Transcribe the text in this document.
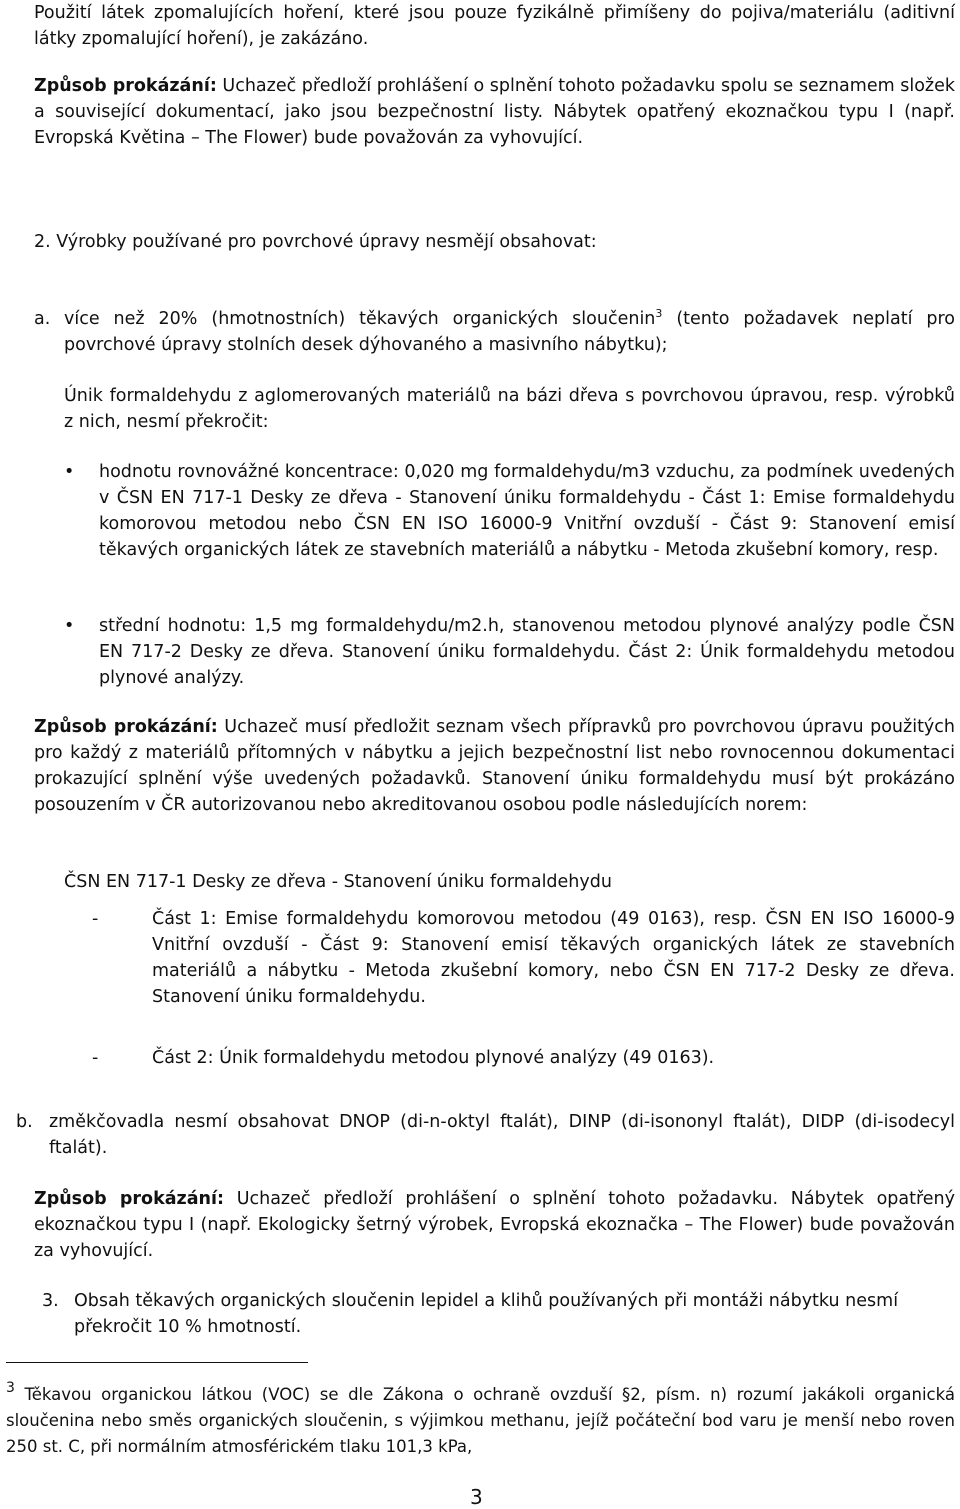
Použití látek zpomalujících hoření, které jsou pouze fyzikálně přimíšeny do pojiva/materiálu (aditivní látky zpomalující hoření), je zakázáno.

Způsob prokázání: Uchazeč předloží prohlášení o splnění tohoto požadavku spolu se seznamem složek a související dokumentací, jako jsou bezpečnostní listy. Nábytek opatřený ekoznačkou typu I (např. Evropská Květina – The Flower) bude považován za vyhovující.

2. Výrobky používané pro povrchové úpravy nesmějí obsahovat:

a. více než 20% (hmotnostních) těkavých organických sloučenin$^3$ (tento požadavek neplatí pro povrchové úpravy stolních desek dýhovaného a masivního nábytku);

Únik formaldehydu z aglomerovaných materiálů na bázi dřeva s povrchovou úpravou, resp. výrobků z nich, nesmí překročit:

• hodnotu rovnovážné koncentrace: 0,020 mg formaldehydu/m3 vzduchu, za podmínek uvedených v ČSN EN 717-1 Desky ze dřeva - Stanovení úniku formaldehydu - Část 1: Emise formaldehydu komorovou metodou nebo ČSN EN ISO 16000-9 Vnitřní ovzduší - Část 9: Stanovení emisí těkavých organických látek ze stavebních materiálů a nábytku - Metoda zkušební komory, resp.

• střední hodnotu: 1,5 mg formaldehydu/m2.h, stanovenou metodou plynové analýzy podle ČSN EN 717-2 Desky ze dřeva. Stanovení úniku formaldehydu. Část 2: Únik formaldehydu metodou plynové analýzy.

Způsob prokázání: Uchazeč musí předložit seznam všech přípravků pro povrchovou úpravu použitých pro každý z materiálů přítomných v nábytku a jejich bezpečnostní list nebo rovnocennou dokumentaci prokazující splnění výše uvedených požadavků. Stanovení úniku formaldehydu musí být prokázáno posouzením v ČR autorizovanou nebo akreditovanou osobou podle následujících norem:

ČSN EN 717-1 Desky ze dřeva - Stanovení úniku formaldehydu

-	Část 1: Emise formaldehydu komorovou metodou (49 0163), resp. ČSN EN ISO 16000-9 Vnitřní ovzduší - Část 9: Stanovení emisí těkavých organických látek ze stavebních materiálů a nábytku - Metoda zkušební komory, nebo ČSN EN 717-2 Desky ze dřeva. Stanovení úniku formaldehydu.

-	Část 2: Únik formaldehydu metodou plynové analýzy (49 0163).

b. změkčovadla nesmí obsahovat DNOP (di-n-oktyl ftalát), DINP (di-isononyl ftalát), DIDP (di-isodecyl ftalát).

Způsob prokázání: Uchazeč předloží prohlášení o splnění tohoto požadavku. Nábytek opatřený ekoznačkou typu I (např. Ekologicky šetrný výrobek, Evropská ekoznačka – The Flower) bude považován za vyhovující.

3. Obsah těkavých organických sloučenin lepidel a klihů používaných při montáži nábytku nesmí překročit 10 % hmotností.

$^3$ Těkavou organickou látkou (VOC) se dle Zákona o ochraně ovzduší §2, písm. n) rozumí jakákoli organická sloučenina nebo směs organických sloučenin, s výjimkou methanu, jejíž počáteční bod varu je menší nebo roven 250 st. C, při normálním atmosférickém tlaku 101,3 kPa,

3
